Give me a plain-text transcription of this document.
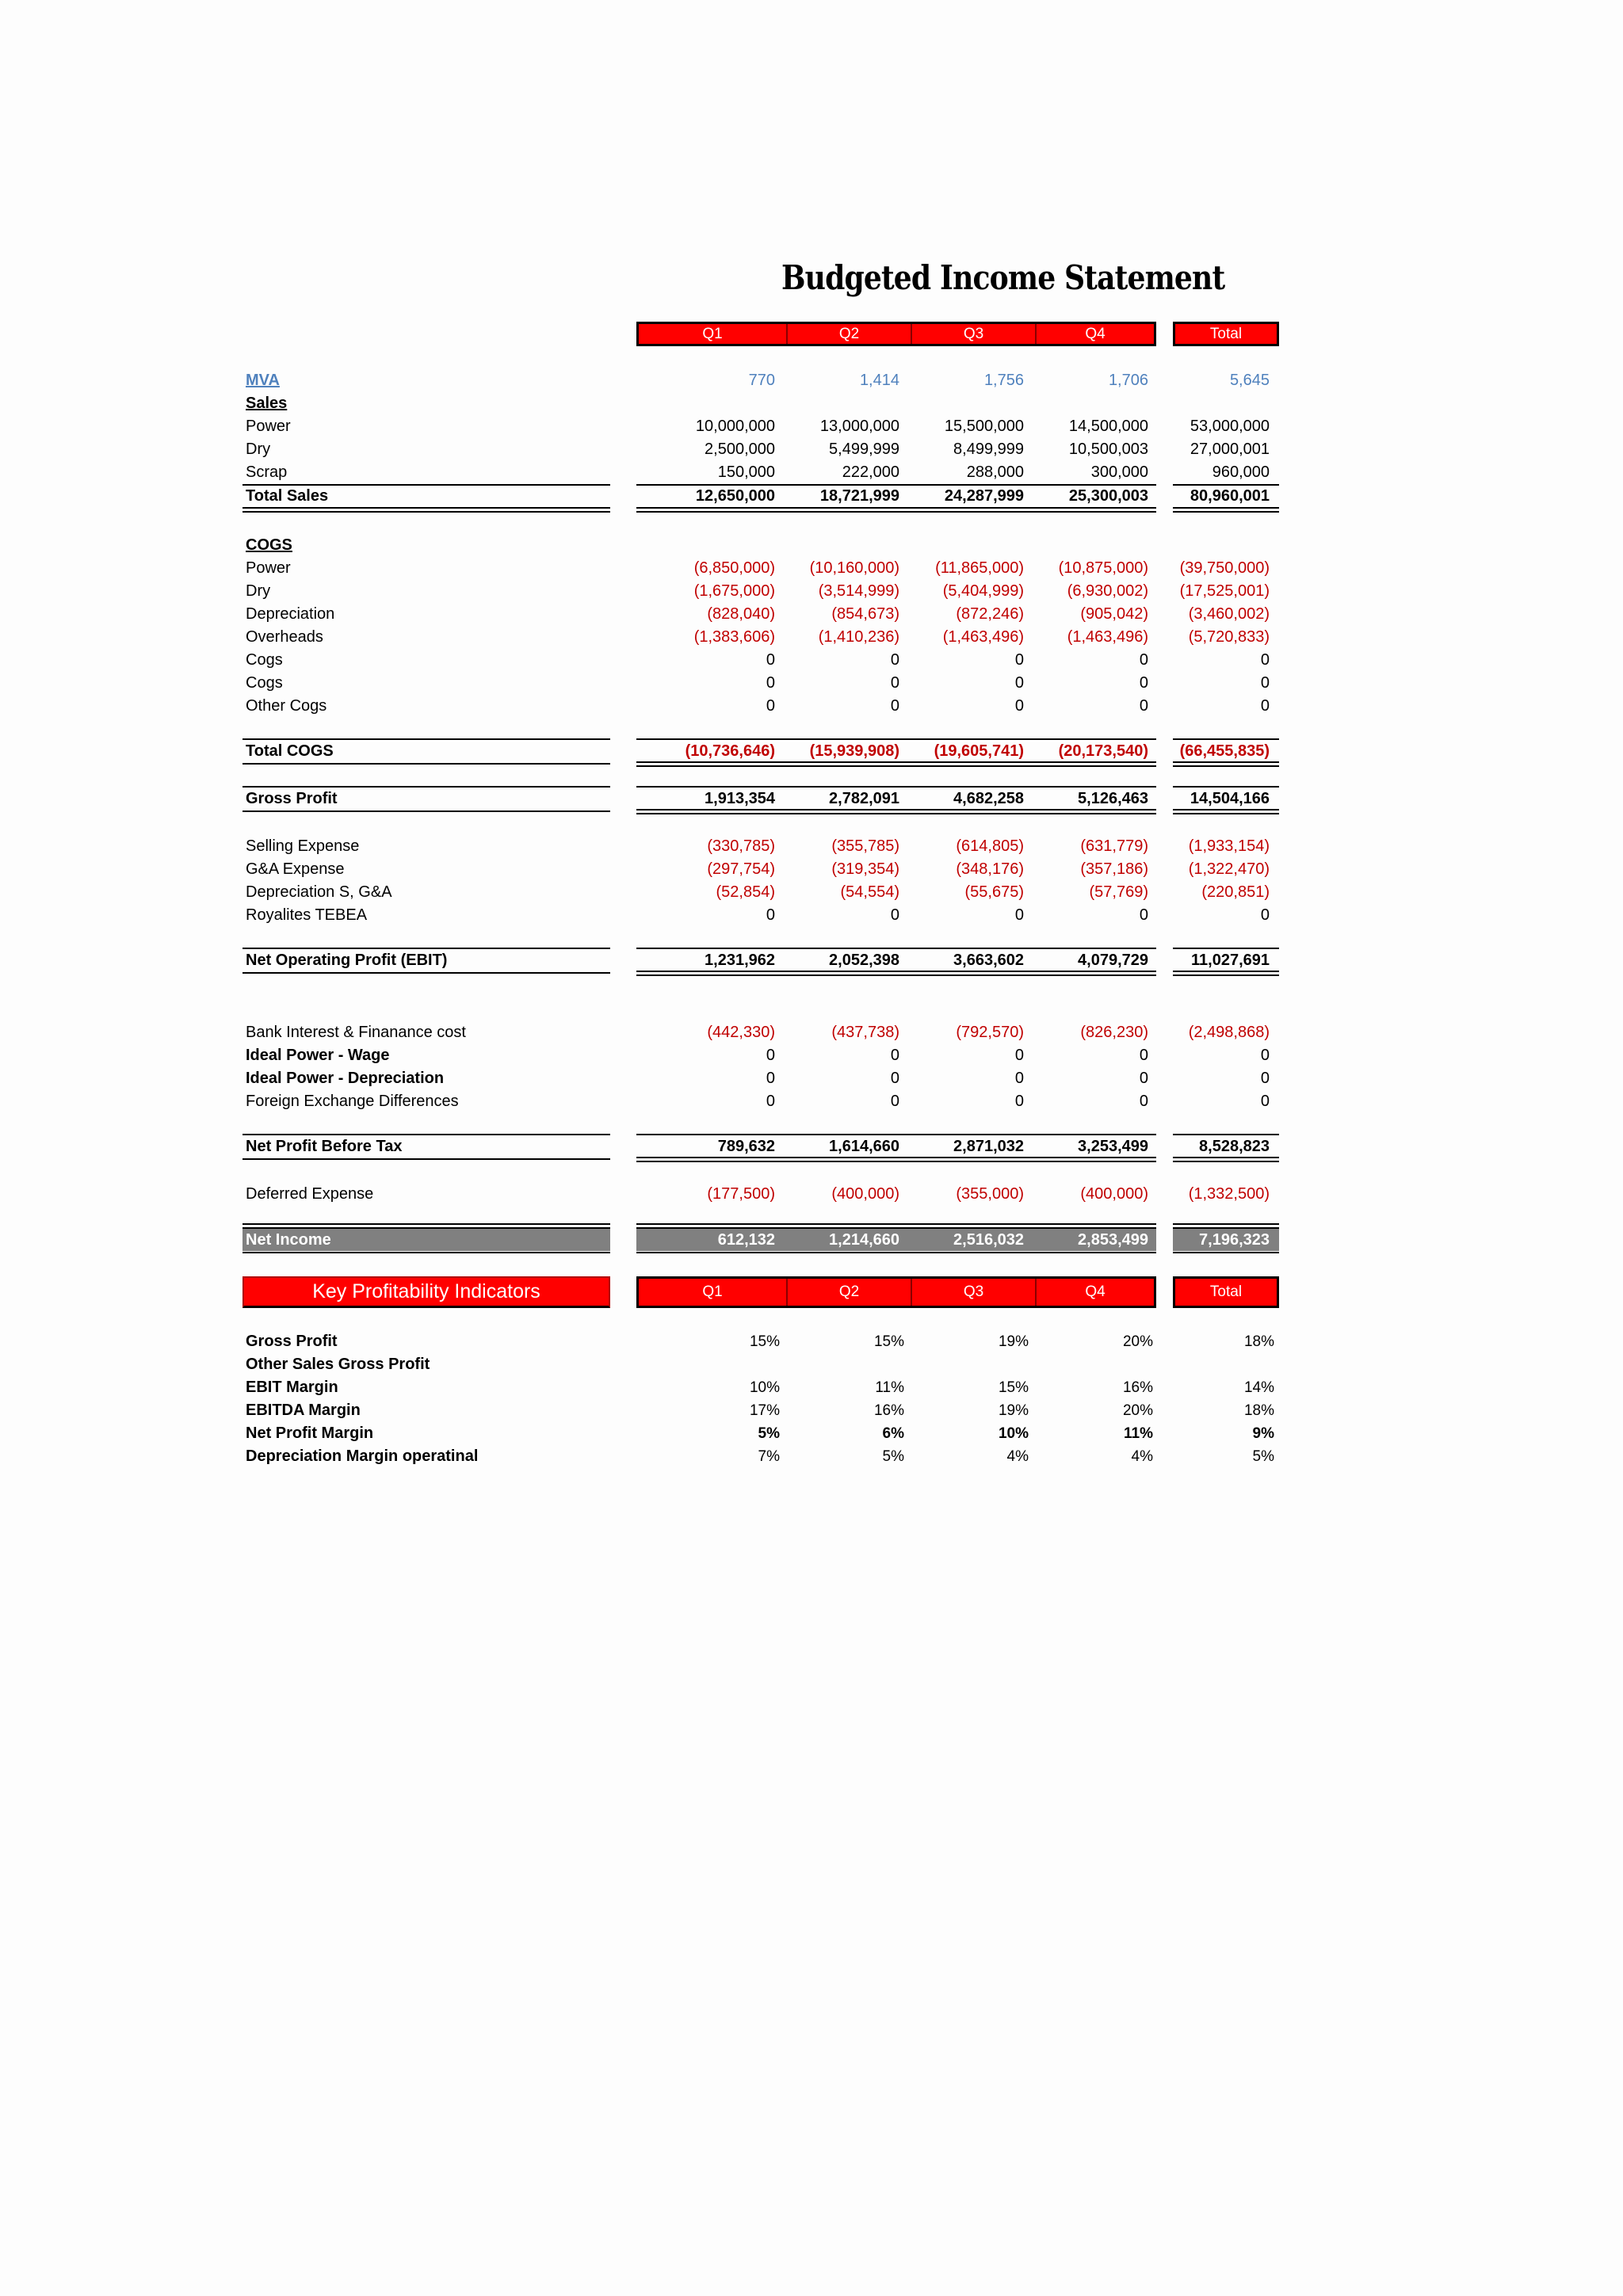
Budgeted Income Statement
Q1	Q2	Q3	Q4	Total
MVA	770	1,414	1,756	1,706	5,645
Sales
Power	10,000,000	13,000,000	15,500,000	14,500,000	53,000,000
Dry	2,500,000	5,499,999	8,499,999	10,500,003	27,000,001
Scrap	150,000	222,000	288,000	300,000	960,000
Total Sales	12,650,000	18,721,999	24,287,999	25,300,003	80,960,001
COGS
Power	(6,850,000)	(10,160,000)	(11,865,000)	(10,875,000)	(39,750,000)
Dry	(1,675,000)	(3,514,999)	(5,404,999)	(6,930,002)	(17,525,001)
Depreciation	(828,040)	(854,673)	(872,246)	(905,042)	(3,460,002)
Overheads	(1,383,606)	(1,410,236)	(1,463,496)	(1,463,496)	(5,720,833)
Cogs	0	0	0	0	0
Cogs	0	0	0	0	0
Other Cogs	0	0	0	0	0
Total COGS	(10,736,646)	(15,939,908)	(19,605,741)	(20,173,540)	(66,455,835)
Gross Profit	1,913,354	2,782,091	4,682,258	5,126,463	14,504,166
Selling Expense	(330,785)	(355,785)	(614,805)	(631,779)	(1,933,154)
G&A Expense	(297,754)	(319,354)	(348,176)	(357,186)	(1,322,470)
Depreciation S, G&A	(52,854)	(54,554)	(55,675)	(57,769)	(220,851)
Royalites TEBEA	0	0	0	0	0
Net Operating Profit (EBIT)	1,231,962	2,052,398	3,663,602	4,079,729	11,027,691
Bank Interest & Finanance cost	(442,330)	(437,738)	(792,570)	(826,230)	(2,498,868)
Ideal Power - Wage	0	0	0	0	0
Ideal Power - Depreciation	0	0	0	0	0
Foreign Exchange Differences	0	0	0	0	0
Net Profit Before Tax	789,632	1,614,660	2,871,032	3,253,499	8,528,823
Deferred Expense	(177,500)	(400,000)	(355,000)	(400,000)	(1,332,500)
Net Income	612,132	1,214,660	2,516,032	2,853,499	7,196,323
Key Profitability Indicators	Q1	Q2	Q3	Q4	Total
Gross Profit	15%	15%	19%	20%	18%
Other Sales Gross Profit
EBIT Margin	10%	11%	15%	16%	14%
EBITDA Margin	17%	16%	19%	20%	18%
Net Profit Margin	5%	6%	10%	11%	9%
Depreciation Margin operatinal	7%	5%	4%	4%	5%
